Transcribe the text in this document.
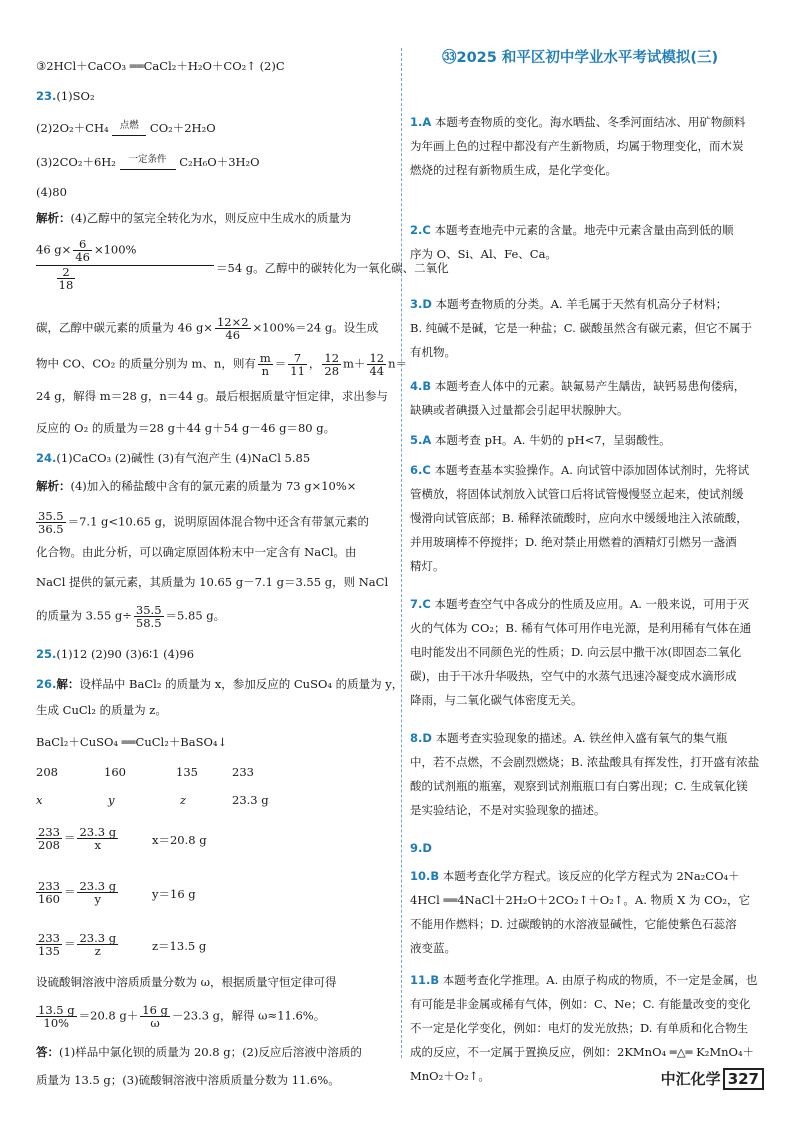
③2HCl＋CaCO₃ ══CaCl₂＋H₂O＋CO₂↑ (2)C
23.(1)SO₂
(2)2O₂＋CH₄	点燃 CO₂＋2H₂O
(3)2CO₂＋6H₂	一定条件	C₂H₆O＋3H₂O
(4)80
解析：(4)乙醇中的氢完全转化为水，则反应中生成水的质量为
46 $g\times \frac{6}{46} \times 100\%$
$\frac{2}{18}$	＝54 g。乙醇中的碳转化为一氧化碳、二氧化
碳，乙醇中碳元素的质量为 46 $g\times \frac{12\times 2}{46} \times 100\%=24$ g。设生成
物中 CO、CO₂ 的质量分别为 m、n，则有 $\frac{m}{n} = \frac{7}{11}$ ， $\frac{12}{28} m+ \frac{12}{44} n=$
24 g，解得 m＝28 g，n＝44 g。最后根据质量守恒定律，求出参与
反应的 O₂ 的质量为＝28 g＋44 g＋54 g－46 g＝80 g。
24.(1)CaCO₃ (2)碱性 (3)有气泡产生 (4)NaCl 5.85
解析：(4)加入的稀盐酸中含有的氯元素的质量为 73 g×10%×
$\frac{35.5}{36.5} =7.1$ g<10.65 g，说明原固体混合物中还含有带氯元素的
化合物。由此分析，可以确定原固体粉末中一定含有 NaCl。由
NaCl 提供的氯元素，其质量为 10.65 g－7.1 g＝3.55 g，则 NaCl
的质量为 3.55 $g\div \frac{35.5}{58.5} =5.85$ g。
25.(1)12 (2)90 (3)6∶1 (4)96
26.解：设样品中 BaCl₂ 的质量为 x，参加反应的 CuSO₄ 的质量为 y，
生成 CuCl₂ 的质量为 z。
BaCl₂＋CuSO₄ ══CuCl₂＋BaSO₄↓
208	160	135	233
x	y	z	23.3 g
$\frac{233}{208} = \frac{23.3 g}{x}$	x＝20.8 g
$\frac{233}{160} = \frac{23.3 g}{y}$	y＝16 g
$\frac{233}{135} = \frac{23.3 g}{z}$	z＝13.5 g
设硫酸铜溶液中溶质质量分数为 ω，根据质量守恒定律可得
$\frac{13.5 g}{10\%} =20.8$ $g+ \frac{16 g}{\omega} -23.3$ g，解得 ω≈11.6%。
答：(1)样品中氯化钡的质量为 20.8 g；(2)反应后溶液中溶质的
质量为 13.5 g；(3)硫酸铜溶液中溶质质量分数为 11.6%。
㉝2025 和平区初中学业水平考试模拟(三)
1.A 本题考查物质的变化。海水晒盐、冬季河面结冰、用矿物颜料
为年画上色的过程中都没有产生新物质，均属于物理变化，而木炭
燃烧的过程有新物质生成，是化学变化。
2.C 本题考查地壳中元素的含量。地壳中元素含量由高到低的顺
序为 O、Si、Al、Fe、Ca。
3.D 本题考查物质的分类。A. 羊毛属于天然有机高分子材料；
B. 纯碱不是碱，它是一种盐；C. 碳酸虽然含有碳元素，但它不属于
有机物。
4.B 本题考查人体中的元素。缺氟易产生龋齿，缺钙易患佝偻病，
缺碘或者碘摄入过量都会引起甲状腺肿大。
5.A 本题考查 pH。A. 牛奶的 pH<7，呈弱酸性。
6.C 本题考查基本实验操作。A. 向试管中添加固体试剂时，先将试
管横放，将固体试剂放入试管口后将试管慢慢竖立起来，使试剂缓
慢滑向试管底部；B. 稀释浓硫酸时，应向水中缓缓地注入浓硫酸，
并用玻璃棒不停搅拌；D. 绝对禁止用燃着的酒精灯引燃另一盏酒
精灯。
7.C 本题考查空气中各成分的性质及应用。A. 一般来说，可用于灭
火的气体为 CO₂；B. 稀有气体可用作电光源，是利用稀有气体在通
电时能发出不同颜色光的性质；D. 向云层中撒干冰(即固态二氧化
碳)，由于干冰升华吸热，空气中的水蒸气迅速冷凝变成水滴形成
降雨，与二氧化碳气体密度无关。
8.D 本题考查实验现象的描述。A. 铁丝伸入盛有氧气的集气瓶
中，若不点燃，不会剧烈燃烧；B. 浓盐酸具有挥发性，打开盛有浓盐
酸的试剂瓶的瓶塞，观察到试剂瓶瓶口有白雾出现；C. 生成氧化镁
是实验结论，不是对实验现象的描述。
9.D
10.B 本题考查化学方程式。该反应的化学方程式为 2Na₂CO₄＋
4HCl ══4NaCl＋2H₂O＋2CO₂↑＋O₂↑。A. 物质 X 为 CO₂，它
不能用作燃料；D. 过碳酸钠的水溶液显碱性，它能使紫色石蕊溶
液变蓝。
11.B 本题考查化学推理。A. 由原子构成的物质，不一定是金属，也
有可能是非金属或稀有气体，例如：C、Ne；C. 有能量改变的变化
不一定是化学变化，例如：电灯的发光放热；D. 有单质和化合物生
成的反应，不一定属于置换反应，例如：2KMnO₄ ═△═ K₂MnO₄＋
MnO₂＋O₂↑。	中汇化学 327
